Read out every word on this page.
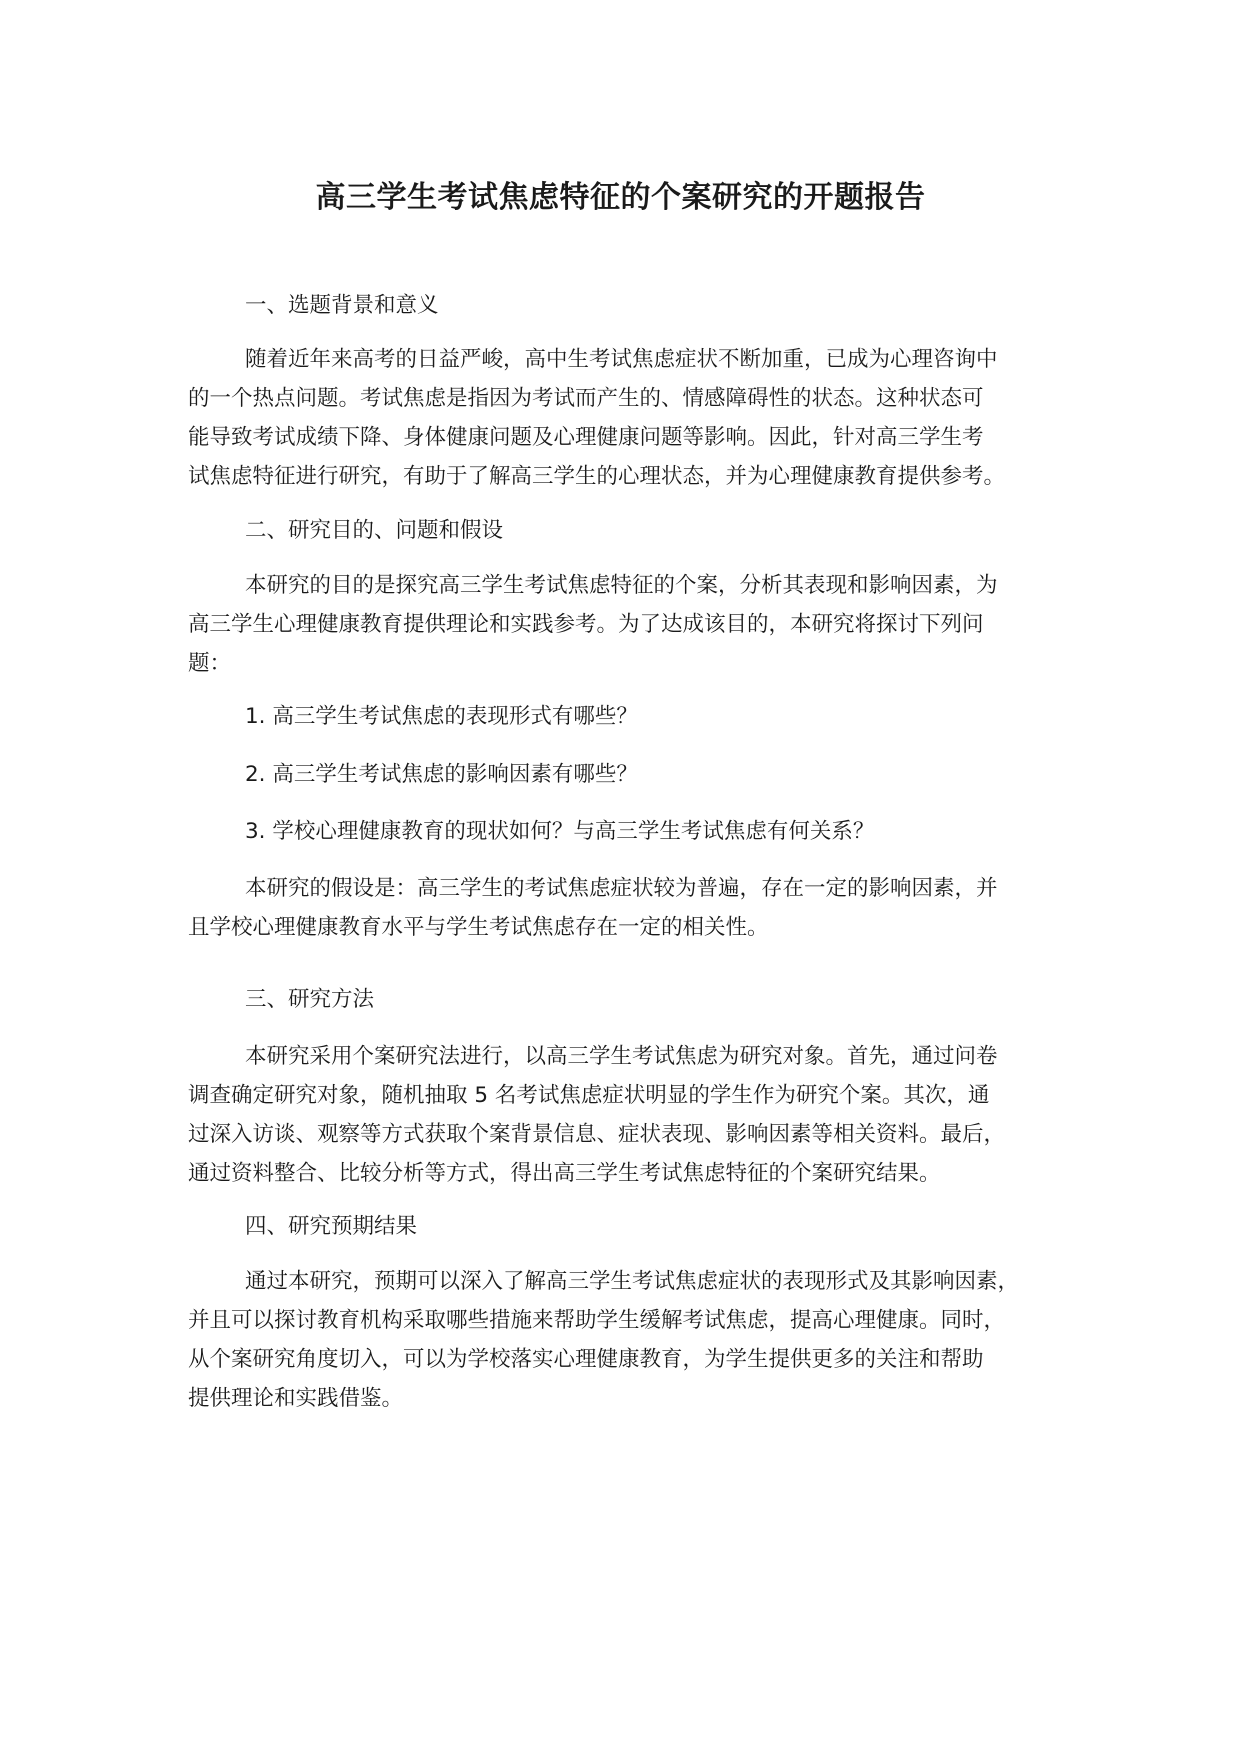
高三学生考试焦虑特征的个案研究的开题报告
一、选题背景和意义
随着近年来高考的日益严峻，高中生考试焦虑症状不断加重，已成为心理咨询中
的一个热点问题。考试焦虑是指因为考试而产生的、情感障碍性的状态。这种状态可
能导致考试成绩下降、身体健康问题及心理健康问题等影响。因此，针对高三学生考
试焦虑特征进行研究，有助于了解高三学生的心理状态，并为心理健康教育提供参考。
二、研究目的、问题和假设
本研究的目的是探究高三学生考试焦虑特征的个案，分析其表现和影响因素，为
高三学生心理健康教育提供理论和实践参考。为了达成该目的，本研究将探讨下列问
题：
1. 高三学生考试焦虑的表现形式有哪些？
2. 高三学生考试焦虑的影响因素有哪些？
3. 学校心理健康教育的现状如何？与高三学生考试焦虑有何关系？
本研究的假设是：高三学生的考试焦虑症状较为普遍，存在一定的影响因素，并
且学校心理健康教育水平与学生考试焦虑存在一定的相关性。
三、研究方法
本研究采用个案研究法进行，以高三学生考试焦虑为研究对象。首先，通过问卷
调查确定研究对象，随机抽取 5 名考试焦虑症状明显的学生作为研究个案。其次，通
过深入访谈、观察等方式获取个案背景信息、症状表现、影响因素等相关资料。最后，
通过资料整合、比较分析等方式，得出高三学生考试焦虑特征的个案研究结果。
四、研究预期结果
通过本研究，预期可以深入了解高三学生考试焦虑症状的表现形式及其影响因素，
并且可以探讨教育机构采取哪些措施来帮助学生缓解考试焦虑，提高心理健康。同时，
从个案研究角度切入，可以为学校落实心理健康教育，为学生提供更多的关注和帮助
提供理论和实践借鉴。
